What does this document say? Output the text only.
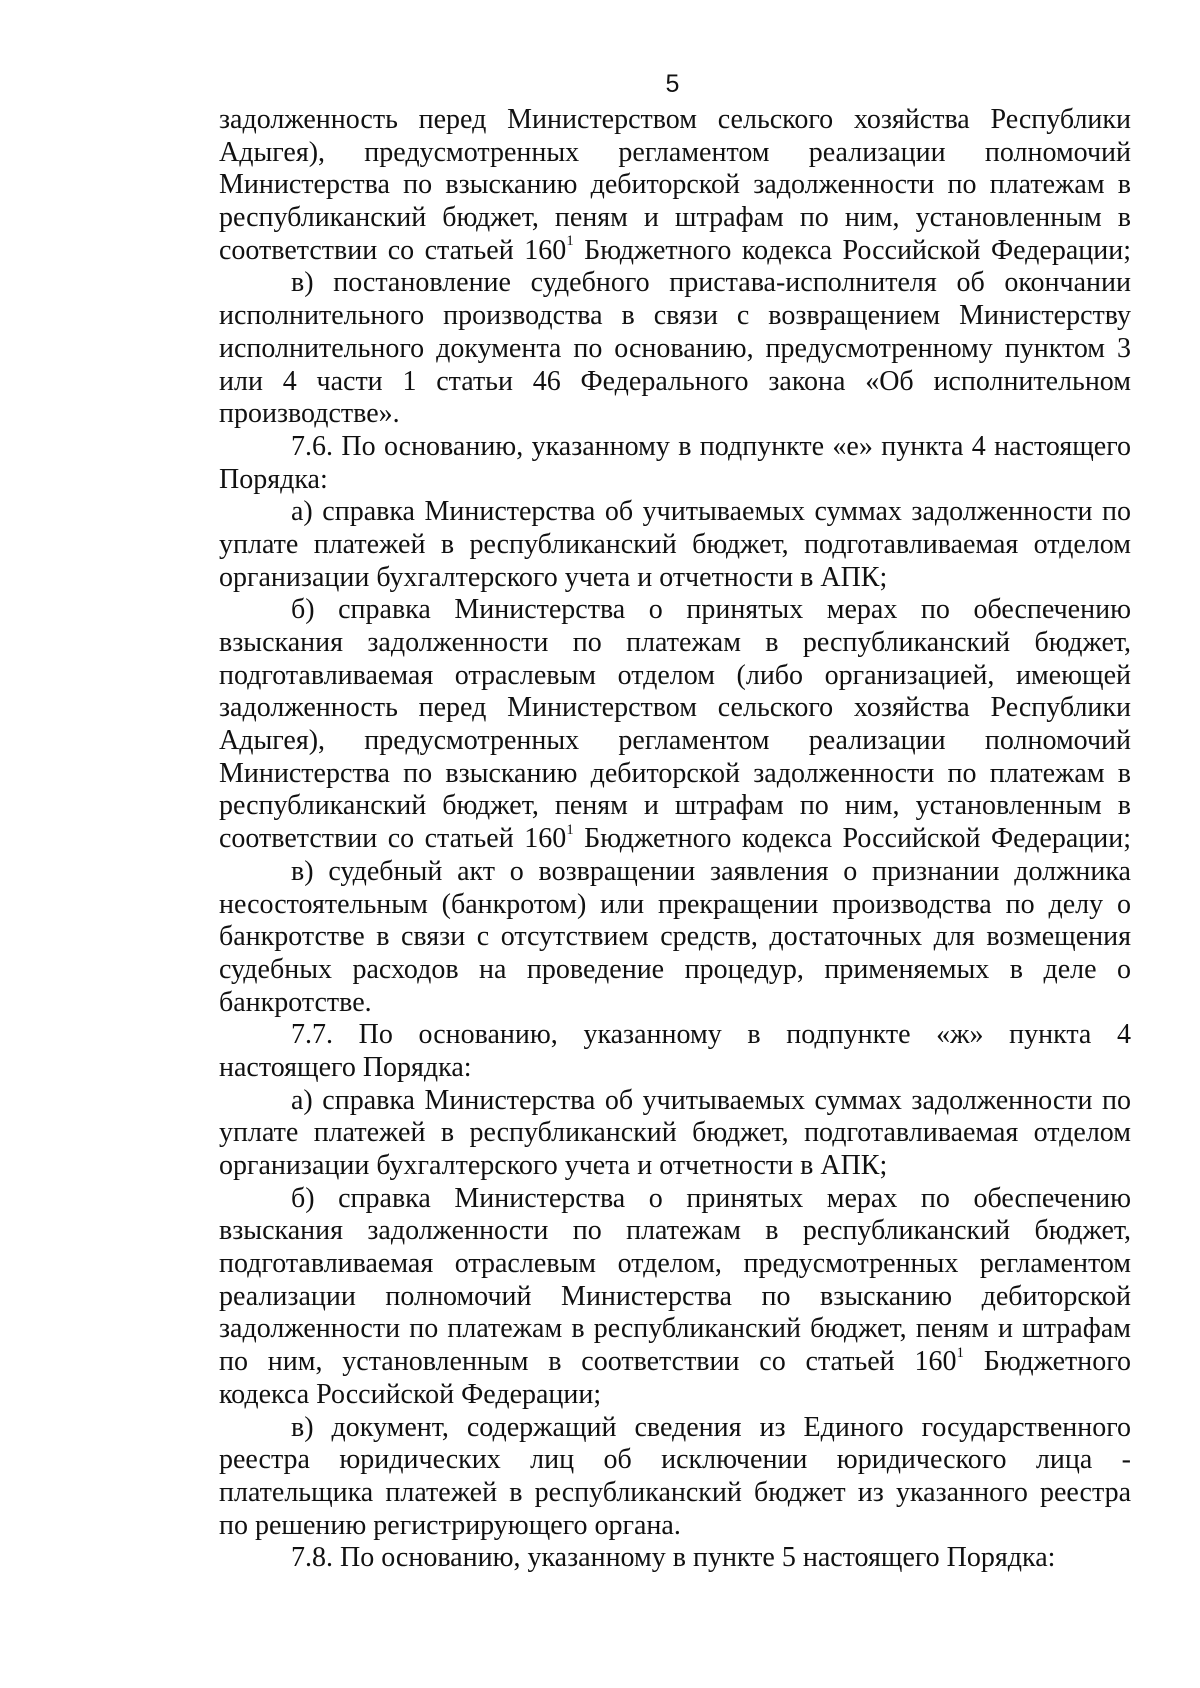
5
задолженность перед Министерством сельского хозяйства Республики
Адыгея), предусмотренных регламентом реализации полномочий
Министерства по взысканию дебиторской задолженности по платежам в
республиканский бюджет, пеням и штрафам по ним, установленным в
соответствии со статьей $160^1$ Бюджетного кодекса Российской Федерации;
в) постановление судебного пристава-исполнителя об окончании
исполнительного производства в связи с возвращением Министерству
исполнительного документа по основанию, предусмотренному пунктом 3
или 4 части 1 статьи 46 Федерального закона «Об исполнительном
производстве».
7.6. По основанию, указанному в подпункте «е» пункта 4 настоящего
Порядка:
а) справка Министерства об учитываемых суммах задолженности по
уплате платежей в республиканский бюджет, подготавливаемая отделом
организации бухгалтерского учета и отчетности в АПК;
б) справка Министерства о принятых мерах по обеспечению
взыскания задолженности по платежам в республиканский бюджет,
подготавливаемая отраслевым отделом (либо организацией, имеющей
задолженность перед Министерством сельского хозяйства Республики
Адыгея), предусмотренных регламентом реализации полномочий
Министерства по взысканию дебиторской задолженности по платежам в
республиканский бюджет, пеням и штрафам по ним, установленным в
соответствии со статьей $160^1$ Бюджетного кодекса Российской Федерации;
в) судебный акт о возвращении заявления о признании должника
несостоятельным (банкротом) или прекращении производства по делу о
банкротстве в связи с отсутствием средств, достаточных для возмещения
судебных расходов на проведение процедур, применяемых в деле о
банкротстве.
7.7. По основанию, указанному в подпункте «ж» пункта 4
настоящего Порядка:
а) справка Министерства об учитываемых суммах задолженности по
уплате платежей в республиканский бюджет, подготавливаемая отделом
организации бухгалтерского учета и отчетности в АПК;
б) справка Министерства о принятых мерах по обеспечению
взыскания задолженности по платежам в республиканский бюджет,
подготавливаемая отраслевым отделом, предусмотренных регламентом
реализации полномочий Министерства по взысканию дебиторской
задолженности по платежам в республиканский бюджет, пеням и штрафам
по ним, установленным в соответствии со статьей $160^1$ Бюджетного
кодекса Российской Федерации;
в) документ, содержащий сведения из Единого государственного
реестра юридических лиц об исключении юридического лица -
плательщика платежей в республиканский бюджет из указанного реестра
по решению регистрирующего органа.
7.8. По основанию, указанному в пункте 5 настоящего Порядка:
